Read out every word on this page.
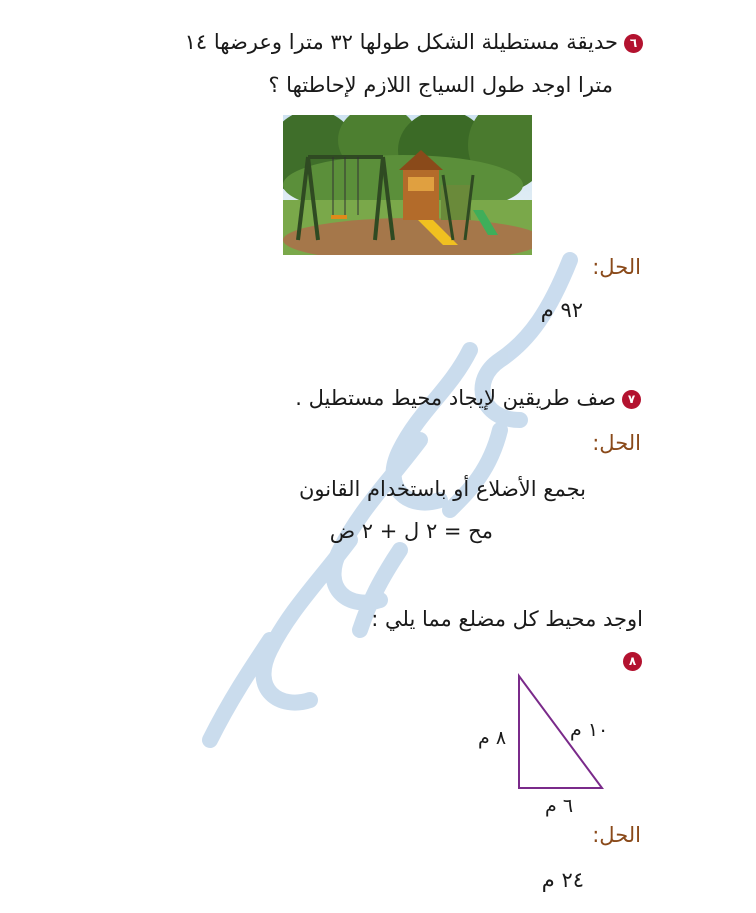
٦حديقة مستطيلة الشكل طولها ٣٢ مترا وعرضها ١٤
مترا اوجد طول السياج اللازم لإحاطتها ؟
الحل:
٩٢ م
٧صف طريقين لإيجاد محيط مستطيل .
الحل:
بجمع الأضلاع أو باستخدام القانون
مح = ٢ ل + ٢ ض
اوجد محيط كل مضلع مما يلي :
٨
٨ م	١٠ م
٦ م
الحل:
٢٤ م
